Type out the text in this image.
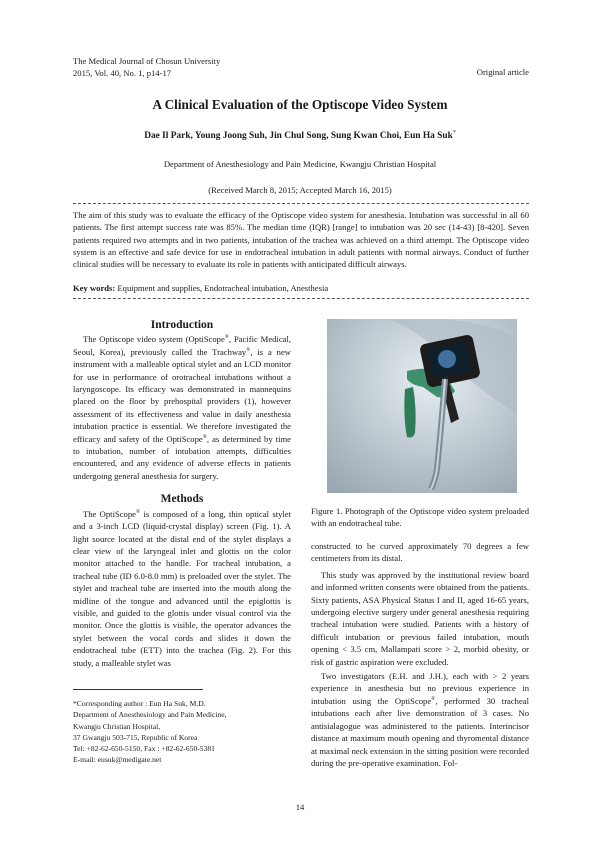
The Medical Journal of Chosun University
2015, Vol. 40, No. 1, p14-17	Original article
A Clinical Evaluation of the Optiscope Video System
Dae Il Park, Young Joong Suh, Jin Chul Song, Sung Kwan Choi, Eun Ha Suk*
Department of Anesthesiology and Pain Medicine, Kwangju Christian Hospital
(Received March 8, 2015; Accepted March 16, 2015)
The aim of this study was to evaluate the efficacy of the Optiscope video system for anesthesia. Intubation was successful in all 60 patients. The first attempt success rate was 85%. The median time (IQR) [range] to intubation was 20 sec (14-43) [8-420]. Seven patients required two attempts and in two patients, intubation of the trachea was achieved on a third attempt. The Optiscope video system is an effective and safe device for use in endotracheal intubation in adult patients with normal airways. Conduct of further clinical studies will be necessary to evaluate its role in patients with anticipated difficult airways.
Key words: Equipment and supplies, Endotracheal intubation, Anesthesia
Introduction

The Optiscope video system (OptiScope®, Pacific Medical, Seoul, Korea), previously called the Trachway®, is a new instrument with a malleable optical stylet and an LCD monitor for use in performance of orotracheal intubations without a laryngoscope. Its efficacy was demonstrated in mannequins placed on the floor by prehospital providers (1), however assessment of its effectiveness and value in daily anesthesia intubation practice is essential. We therefore investigated the efficacy and safety of the OptiScope®, as determined by time to intubation, number of intubation attempts, difficulties encountered, and any evidence of adverse effects in patients undergoing general anesthesia for surgery.

Methods

The OptiScope® is composed of a long, thin optical stylet and a 3-inch LCD (liquid-crystal display) screen (Fig. 1). A light source located at the distal end of the stylet displays a clear view of the laryngeal inlet and glottis on the color monitor attached to the handle. For tracheal intubation, a tracheal tube (ID 6.0-8.0 mm) is preloaded over the stylet. The stylet and tracheal tube are inserted into the mouth along the midline of the tongue and advanced until the epiglottis is visible, and guided to the glottis under visual control via the monitor. Once the glottis is visible, the operator advances the stylet between the vocal cords and slides it down the endotracheal tube (ETT) into the trachea (Fig. 2). For this study, a malleable stylet was

Figure 1. Photograph of the Optiscope video system preloaded with an endotracheal tube.

constructed to be curved approximately 70 degrees a few centimeters from its distal.

This study was approved by the institutional review board and informed written consents were obtained from the patients. Sixty patients, ASA Physical Status I and II, aged 16-65 years, undergoing elective surgery under general anesthesia requiring tracheal intubation were studied. Patients with a history of difficult intubation or previous failed intubation, mouth opening < 3.5 cm, Mallampati score > 2, morbid obesity, or risk of gastric aspiration were excluded.

Two investigators (E.H. and J.H.), each with > 2 years experience in anesthesia but no previous experience in intubation using the OptiScope®, performed 30 tracheal intubations each after live demonstration of 3 cases. No antisialagogue was administered to the patients. Interincisor distance at maximum mouth opening and thyromental distance at maximal neck extension in the sitting position were recorded during the pre-operative examination. Fol-

*Corresponding author : Eun Ha Suk, M.D.
Department of Anesthesiology and Pain Medicine,
Kwangju Christian Hospital,
37 Gwangju 503-715, Republic of Korea
Tel: +82-62-650-5150, Fax : +82-62-650-5381
E-mail: eusuk@medigate.net
14
